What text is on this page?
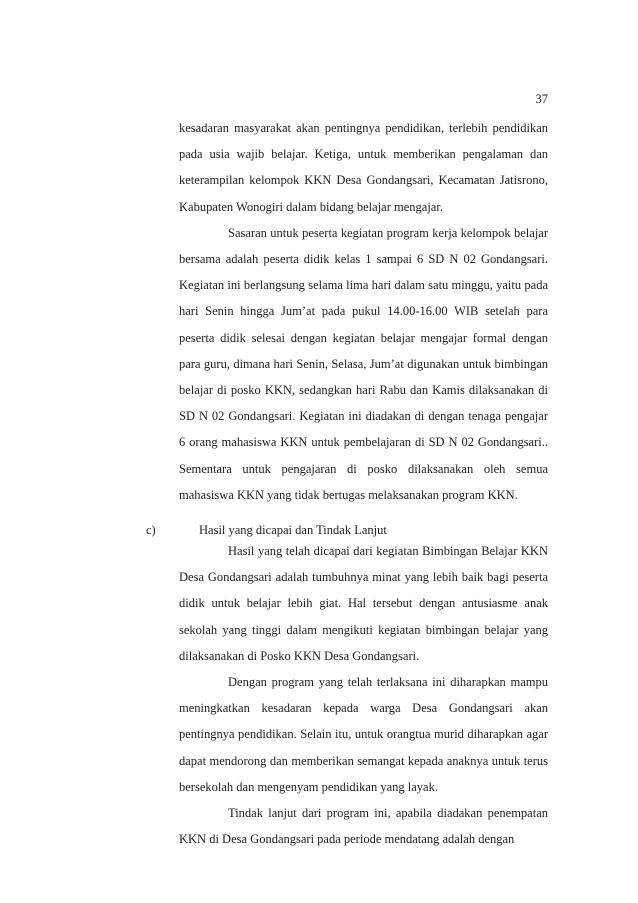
37

kesadaran masyarakat akan pentingnya pendidikan, terlebih pendidikan pada usia wajib belajar. Ketiga, untuk memberikan pengalaman dan keterampilan kelompok KKN Desa Gondangsari, Kecamatan Jatisrono, Kabupaten Wonogiri dalam bidang belajar mengajar.

Sasaran untuk peserta kegiatan program kerja kelompok belajar bersama adalah peserta didik kelas 1 sampai 6 SD N 02 Gondangsari. Kegiatan ini berlangsung selama lima hari dalam satu minggu, yaitu pada hari Senin hingga Jum’at pada pukul 14.00-16.00 WIB setelah para peserta didik selesai dengan kegiatan belajar mengajar formal dengan para guru, dimana hari Senin, Selasa, Jum’at digunakan untuk bimbingan belajar di posko KKN, sedangkan hari Rabu dan Kamis dilaksanakan di SD N 02 Gondangsari. Kegiatan ini diadakan di dengan tenaga pengajar 6 orang mahasiswa KKN untuk pembelajaran di SD N 02 Gondangsari.. Sementara untuk pengajaran di posko dilaksanakan oleh semua mahasiswa KKN yang tidak bertugas melaksanakan program KKN.

c)	Hasil yang dicapai dan Tindak Lanjut

Hasil yang telah dicapai dari kegiatan Bimbingan Belajar KKN Desa Gondangsari adalah tumbuhnya minat yang lebih baik bagi peserta didik untuk belajar lebih giat. Hal tersebut dengan antusiasme anak sekolah yang tinggi dalam mengikuti kegiatan bimbingan belajar yang dilaksanakan di Posko KKN Desa Gondangsari.

Dengan program yang telah terlaksana ini diharapkan mampu meningkatkan kesadaran kepada warga Desa Gondangsari akan pentingnya pendidikan. Selain itu, untuk orangtua murid diharapkan agar dapat mendorong dan memberikan semangat kepada anaknya untuk terus bersekolah dan mengenyam pendidikan yang layak.

Tindak lanjut dari program ini, apabila diadakan penempatan KKN di Desa Gondangsari pada periode mendatang adalah dengan
